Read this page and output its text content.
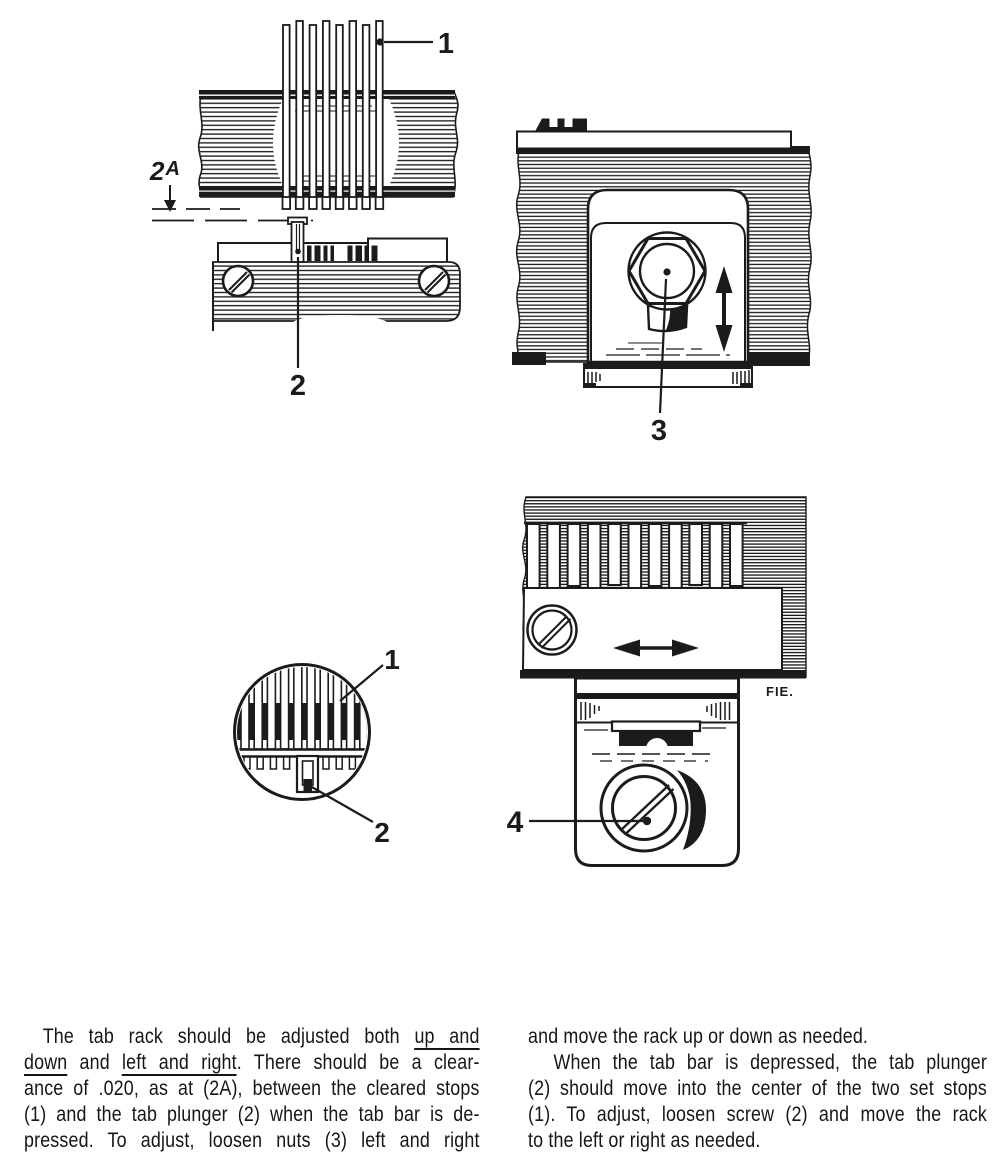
2A
1
2
3
1
2
FIE.
4
The tab rack should be adjusted both up and
down and left and right. There should be a clear-
ance of .020, as at (2A), between the cleared stops
(1) and the tab plunger (2) when the tab bar is de-
pressed. To adjust, loosen nuts (3) left and right
and move the rack up or down as needed.
When the tab bar is depressed, the tab plunger
(2) should move into the center of the two set stops
(1). To adjust, loosen screw (2) and move the rack
to the left or right as needed.
